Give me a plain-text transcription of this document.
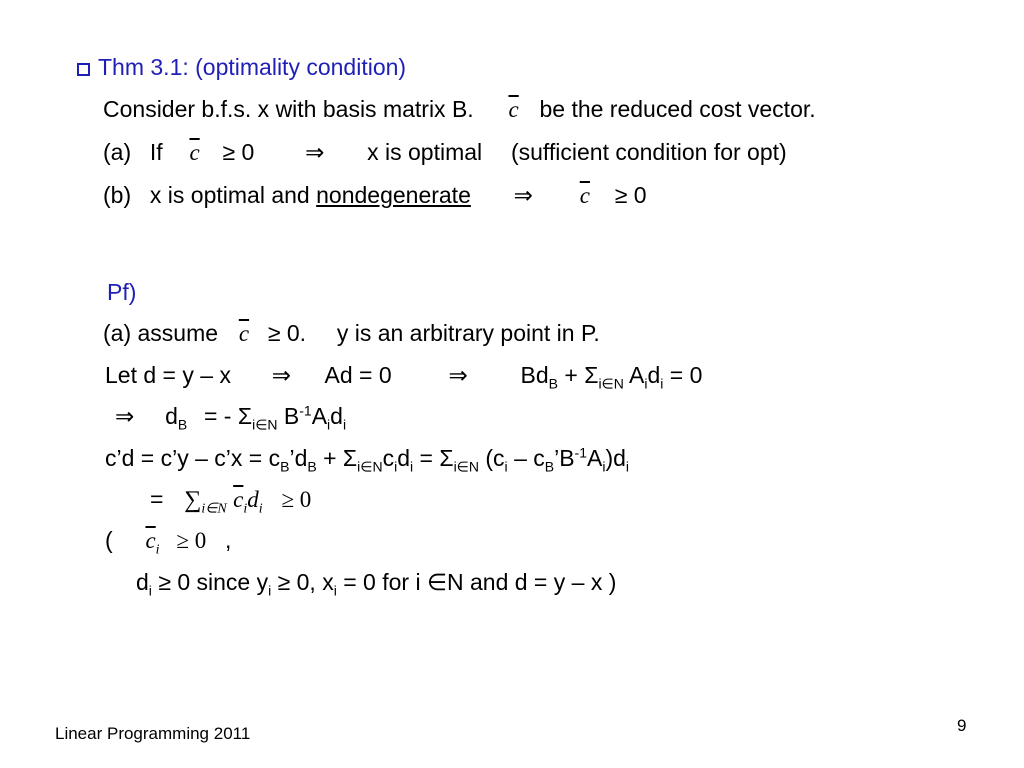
Thm 3.1: (optimality condition)
Consider b.f.s. x with basis matrix B. $\overline{c}$ be the reduced cost vector.
(a) If $\overline{c} \ge 0$ ⇒ x is optimal (sufficient condition for opt)
(b) x is optimal and nondegenerate ⇒ $\overline{c} \ge 0$
Pf)
(a) assume $\overline{c} \ge 0$. y is an arbitrary point in P.
Let d = y – x ⇒ Ad = 0 ⇒ $Bd_B + \Sigma_{i\in N}$ $A_id_i = 0$
⇒ $d_B$ = - $\Sigma_{i\in N}$ $B^{-1}A_id_i$
c’d = c’y – c’x = $c_B’d_B + \Sigma_{i\in N}c_id_i = \Sigma_{i\in N}$ ($c_i$ – $c_B’B^{-1}A_i)d_i$
= $\sum_{i\in N}$ $\overline{c}_id_i \ge 0$
( $\overline{c}_i \ge 0$ ,
$d_i \ge 0$ since $y_i \ge 0$, $x_i = 0$ for i ∈N and d = y – x )
Linear Programming 2011	9
